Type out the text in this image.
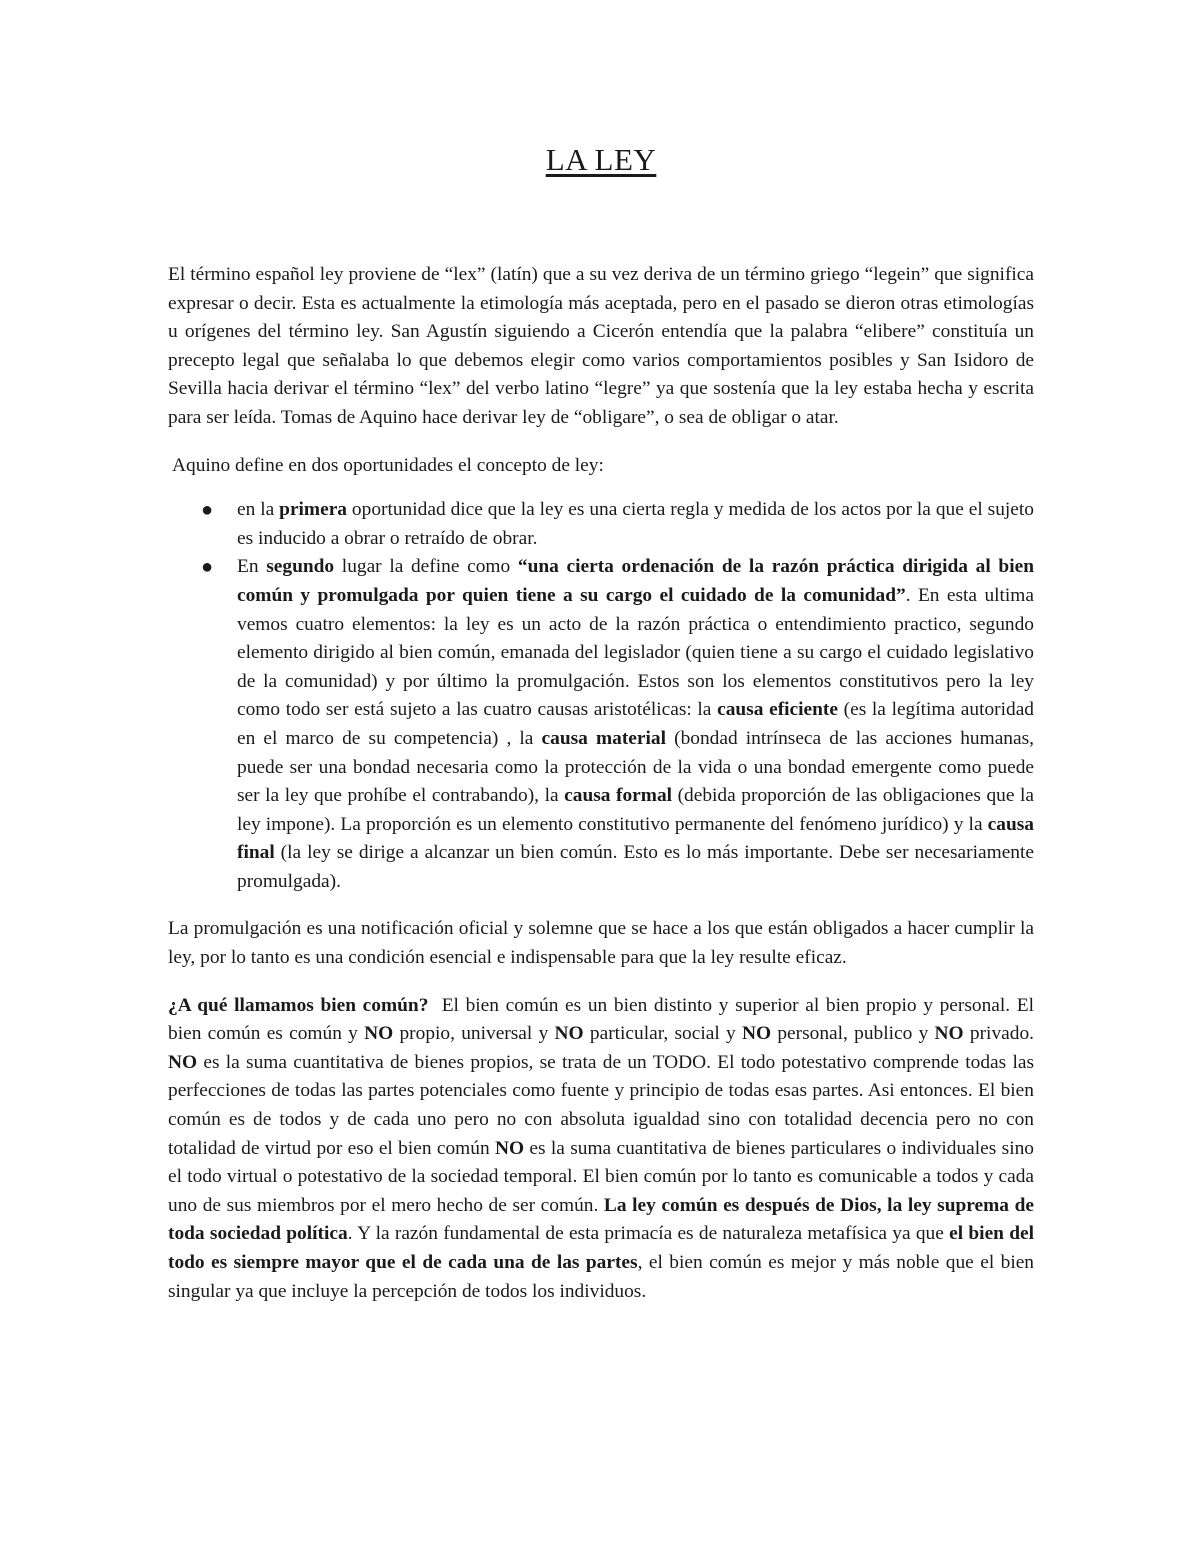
LA LEY

El término español ley proviene de “lex” (latín) que a su vez deriva de un término griego “legein” que significa expresar o decir. Esta es actualmente la etimología más aceptada, pero en el pasado se dieron otras etimologías u orígenes del término ley. San Agustín siguiendo a Cicerón entendía que la palabra “elibere” constituía un precepto legal que señalaba lo que debemos elegir como varios comportamientos posibles y San Isidoro de Sevilla hacia derivar el término “lex” del verbo latino “legre” ya que sostenía que la ley estaba hecha y escrita para ser leída. Tomas de Aquino hace derivar ley de “obligare”, o sea de obligar o atar.

Aquino define en dos oportunidades el concepto de ley:

● en la primera oportunidad dice que la ley es una cierta regla y medida de los actos por la que el sujeto es inducido a obrar o retraído de obrar.
● En segundo lugar la define como “una cierta ordenación de la razón práctica dirigida al bien común y promulgada por quien tiene a su cargo el cuidado de la comunidad”. En esta ultima vemos cuatro elementos: la ley es un acto de la razón práctica o entendimiento practico, segundo elemento dirigido al bien común, emanada del legislador (quien tiene a su cargo el cuidado legislativo de la comunidad) y por último la promulgación. Estos son los elementos constitutivos pero la ley como todo ser está sujeto a las cuatro causas aristotélicas: la causa eficiente (es la legítima autoridad en el marco de su competencia) , la causa material (bondad intrínseca de las acciones humanas, puede ser una bondad necesaria como la protección de la vida o una bondad emergente como puede ser la ley que prohíbe el contrabando), la causa formal (debida proporción de las obligaciones que la ley impone). La proporción es un elemento constitutivo permanente del fenómeno jurídico) y la causa final (la ley se dirige a alcanzar un bien común. Esto es lo más importante. Debe ser necesariamente promulgada).

La promulgación es una notificación oficial y solemne que se hace a los que están obligados a hacer cumplir la ley, por lo tanto es una condición esencial e indispensable para que la ley resulte eficaz.

¿A qué llamamos bien común?  El bien común es un bien distinto y superior al bien propio y personal. El bien común es común y NO propio, universal y NO particular, social y NO personal, publico y NO privado. NO es la suma cuantitativa de bienes propios, se trata de un TODO. El todo potestativo comprende todas las perfecciones de todas las partes potenciales como fuente y principio de todas esas partes. Asi entonces. El bien común es de todos y de cada uno pero no con absoluta igualdad sino con totalidad decencia pero no con totalidad de virtud por eso el bien común NO es la suma cuantitativa de bienes particulares o individuales sino el todo virtual o potestativo de la sociedad temporal. El bien común por lo tanto es comunicable a todos y cada uno de sus miembros por el mero hecho de ser común. La ley común es después de Dios, la ley suprema de toda sociedad política. Y la razón fundamental de esta primacía es de naturaleza metafísica ya que el bien del todo es siempre mayor que el de cada una de las partes, el bien común es mejor y más noble que el bien singular ya que incluye la percepción de todos los individuos.
